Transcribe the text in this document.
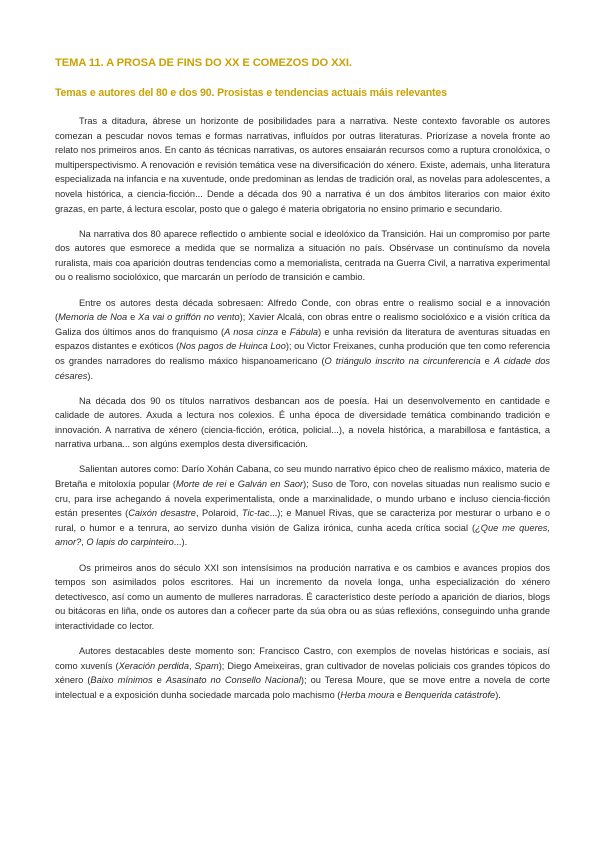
TEMA 11. A PROSA DE FINS DO XX E COMEZOS DO XXI.
Temas e autores del 80 e dos 90. Prosistas e tendencias actuais máis relevantes

Tras a ditadura, ábrese un horizonte de posibilidades para a narrativa. Neste contexto favorable os autores comezan a pescudar novos temas e formas narrativas, influídos por outras literaturas. Priorízase a novela fronte ao relato nos primeiros anos. En canto ás técnicas narrativas, os autores ensaiarán recursos como a ruptura cronolóxica, o multiperspectivismo. A renovación e revisión temática vese na diversificación do xénero. Existe, ademais, unha literatura especializada na infancia e na xuventude, onde predominan as lendas de tradición oral, as novelas para adolescentes, a novela histórica, a ciencia-ficción... Dende a década dos 90 a narrativa é un dos ámbitos literarios con maior éxito grazas, en parte, á lectura escolar, posto que o galego é materia obrigatoria no ensino primario e secundario.

Na narrativa dos 80 aparece reflectido o ambiente social e ideolóxico da Transición. Hai un compromiso por parte dos autores que esmorece a medida que se normaliza a situación no país. Obsérvase un continuísmo da novela ruralista, mais coa aparición doutras tendencias como a memorialista, centrada na Guerra Civil, a narrativa experimental ou o realismo sociolóxico, que marcarán un período de transición e cambio.

Entre os autores desta década sobresaen: Alfredo Conde, con obras entre o realismo social e a innovación (Memoria de Noa e Xa vai o griffón no vento); Xavier Alcalá, con obras entre o realismo sociolóxico e a visión crítica da Galiza dos últimos anos do franquismo (A nosa cinza e Fábula) e unha revisión da literatura de aventuras situadas en espazos distantes e exóticos (Nos pagos de Huinca Loo); ou Victor Freixanes, cunha produción que ten como referencia os grandes narradores do realismo máxico hispanoamericano (O triángulo inscrito na circunferencia e A cidade dos césares).

Na década dos 90 os títulos narrativos desbancan aos de poesía. Hai un desenvolvemento en cantidade e calidade de autores. Axuda a lectura nos colexios. É unha época de diversidade temática combinando tradición e innovación. A narrativa de xénero (ciencia-ficción, erótica, policial...), a novela histórica, a marabillosa e fantástica, a narrativa urbana... son algúns exemplos desta diversificación.

Salientan autores como: Darío Xohán Cabana, co seu mundo narrativo épico cheo de realismo máxico, materia de Bretaña e mitoloxía popular (Morte de rei e Galván en Saor); Suso de Toro, con novelas situadas nun realismo sucio e cru, para irse achegando á novela experimentalista, onde a marxinalidade, o mundo urbano e incluso ciencia-ficción están presentes (Caixón desastre, Polaroid, Tic-tac...); e Manuel Rivas, que se caracteriza por mesturar o urbano e o rural, o humor e a tenrura, ao servizo dunha visión de Galiza irónica, cunha aceda crítica social (¿Que me queres, amor?, O lapis do carpinteiro...).

Os primeiros anos do século XXI son intensísimos na produción narrativa e os cambios e avances propios dos tempos son asimilados polos escritores. Hai un incremento da novela longa, unha especialización do xénero detectivesco, así como un aumento de mulleres narradoras. É característico deste período a aparición de diarios, blogs ou bitácoras en liña, onde os autores dan a coñecer parte da súa obra ou as súas reflexións, conseguindo unha grande interactividade co lector.

Autores destacables deste momento son: Francisco Castro, con exemplos de novelas históricas e sociais, así como xuvenís (Xeración perdida, Spam); Diego Ameixeiras, gran cultivador de novelas policiais cos grandes tópicos do xénero (Baixo mínimos e Asasinato no Consello Nacional); ou Teresa Moure, que se move entre a novela de corte intelectual e a exposición dunha sociedade marcada polo machismo (Herba moura e Benquerida catástrofe).
